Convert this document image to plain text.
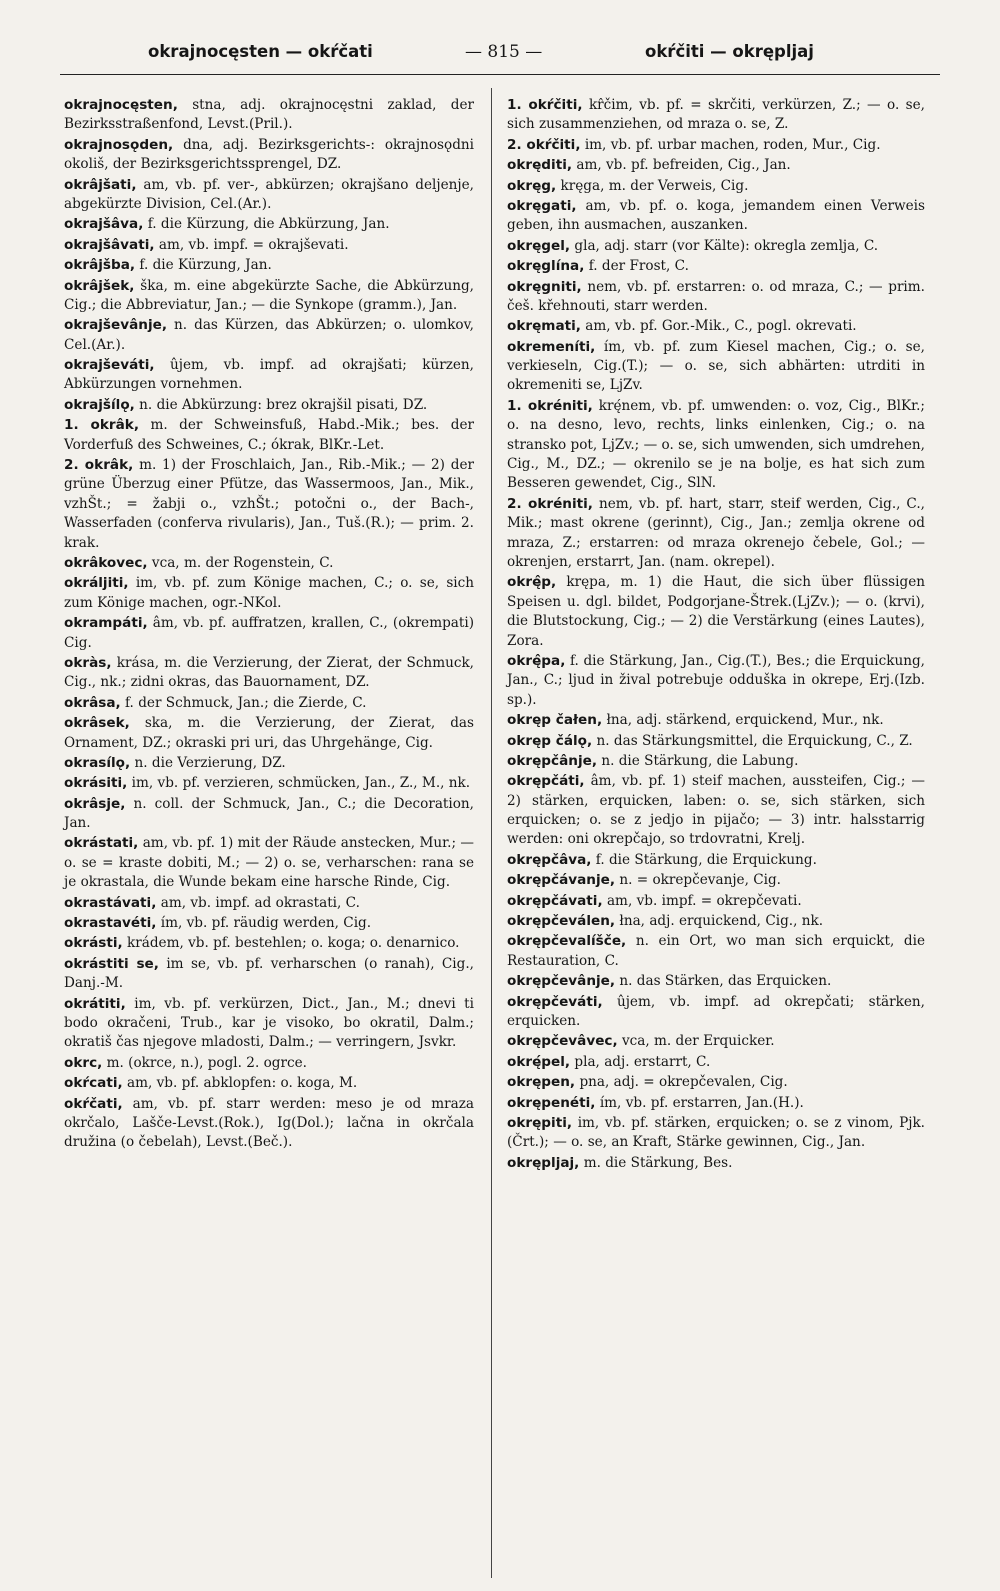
okrajnocęsten — okŕčati	— 815 —	okŕčiti — okręplјaj
okrajnocęsten, stna, adj. okrajnocęstni zaklad, der Bezirksstraßenfond, Levst.(Pril.).
okrajnosǫden, dna, adj. Bezirksgerichts-: okrajnosǫdni okoliš, der Bezirksgerichtssprengel, DZ.
okrâjšati, am, vb. pf. ver-, abkürzen; okrajšano deljenje, abgekürzte Division, Cel.(Ar.).
okrajšâva, f. die Kürzung, die Abkürzung, Jan.
okrajšâvati, am, vb. impf. = okrajševati.
okrâjšba, f. die Kürzung, Jan.
okrâjšek, ška, m. eine abgekürzte Sache, die Abkürzung, Cig.; die Abbreviatur, Jan.; — die Synkope (gramm.), Jan.
okrajševânje, n. das Kürzen, das Abkürzen; o. ulomkov, Cel.(Ar.).
okrajševáti, ûjem, vb. impf. ad okrajšati; kürzen, Abkürzungen vornehmen.
okrajšílǫ, n. die Abkürzung: brez okrajšil pisati, DZ.
1. okrâk, m. der Schweinsfuß, Habd.-Mik.; bes. der Vorderfuß des Schweines, C.; ókrak, BlKr.-Let.
2. okrâk, m. 1) der Froschlaich, Jan., Rib.-Mik.; — 2) der grüne Überzug einer Pfütze, das Wassermoos, Jan., Mik., vzhŠt.; = žabji o., vzhŠt.; potočni o., der Bach-, Wasserfaden (conferva rivularis), Jan., Tuš.(R.); — prim. 2. krak.
okrâkovec, vca, m. der Rogenstein, C.
okrálјiti, im, vb. pf. zum Könige machen, C.; o. se, sich zum Könige machen, ogr.-NKol.
okrampáti, âm, vb. pf. auffratzen, krallen, C., (okrempati) Cig.
okràs, krása, m. die Verzierung, der Zierat, der Schmuck, Cig., nk.; zidni okras, das Bauornament, DZ.
okrâsa, f. der Schmuck, Jan.; die Zierde, C.
okrâsek, ska, m. die Verzierung, der Zierat, das Ornament, DZ.; okraski pri uri, das Uhrgehänge, Cig.
okrasílǫ, n. die Verzierung, DZ.
okrásiti, im, vb. pf. verzieren, schmücken, Jan., Z., M., nk.
okrâsje, n. coll. der Schmuck, Jan., C.; die Decoration, Jan.
okrástati, am, vb. pf. 1) mit der Räude anstecken, Mur.; — o. se = kraste dobiti, M.; — 2) o. se, verharschen: rana se je okrastala, die Wunde bekam eine harsche Rinde, Cig.
okrastávati, am, vb. impf. ad okrastati, C.
okrastavéti, ím, vb. pf. räudig werden, Cig.
okrásti, krádem, vb. pf. bestehlen; o. koga; o. denarnico.
okrástiti se, im se, vb. pf. verharschen (o ranah), Cig., Danj.-M.
okrátiti, im, vb. pf. verkürzen, Dict., Jan., M.; dnevi ti bodo okračeni, Trub., kar je visoko, bo okratil, Dalm.; okratiš čas njegove mladosti, Dalm.; — verringern, Jsvkr.
okrc, m. (okrce, n.), pogl. 2. ogrce.
okŕcati, am, vb. pf. abklopfen: o. koga, M.
okŕčati, am, vb. pf. starr werden: meso je od mraza okrčalo, Lašče-Levst.(Rok.), Ig(Dol.); lačna in okrčala družina (o čebelah), Levst.(Beč.).
1. okŕčiti, kr̂čim, vb. pf. = skrčiti, verkürzen, Z.; — o. se, sich zusammenziehen, od mraza o. se, Z.
2. okŕčiti, im, vb. pf. urbar machen, roden, Mur., Cig.
okręditi, am, vb. pf. befreiden, Cig., Jan.
okręg, kręga, m. der Verweis, Cig.
okręgati, am, vb. pf. o. koga, jemandem einen Verweis geben, ihn ausmachen, auszanken.
okręgel, gla, adj. starr (vor Kälte): okregla zemlja, C.
okręglína, f. der Frost, C.
okręgniti, nem, vb. pf. erstarren: o. od mraza, C.; — prim. češ. křehnouti, starr werden.
okręmati, am, vb. pf. Gor.-Mik., C., pogl. okrevati.
okremeníti, ím, vb. pf. zum Kiesel machen, Cig.; o. se, verkieseln, Cig.(T.); — o. se, sich abhärten: utrditi in okremeniti se, LjZv.
1. okréniti, krę́nem, vb. pf. umwenden: o. voz, Cig., BlKr.; o. na desno, levo, rechts, links einlenken, Cig.; o. na stransko pot, LjZv.; — o. se, sich umwenden, sich umdrehen, Cig., M., DZ.; — okrenilo se je na bolje, es hat sich zum Besseren gewendet, Cig., SlN.
2. okréniti, nem, vb. pf. hart, starr, steif werden, Cig., C., Mik.; mast okrene (gerinnt), Cig., Jan.; zemlja okrene od mraza, Z.; erstarren: od mraza okrenejo čebele, Gol.; — okrenjen, erstarrt, Jan. (nam. okrepel).
okrę̂p, krępa, m. 1) die Haut, die sich über flüssigen Speisen u. dgl. bildet, Podgorjane-Štrek.(LjZv.); — o. (krvi), die Blutstockung, Cig.; — 2) die Verstärkung (eines Lautes), Zora.
okrę̂pa, f. die Stärkung, Jan., Cig.(T.), Bes.; die Erquickung, Jan., C.; ljud in žival potrebuje odduška in okrepe, Erj.(Izb. sp.).
okręp čałen, łna, adj. stärkend, erquickend, Mur., nk.
okręp čálǫ, n. das Stärkungsmittel, die Erquickung, C., Z.
okrępčânje, n. die Stärkung, die Labung.
okrępčáti, âm, vb. pf. 1) steif machen, aussteifen, Cig.; — 2) stärken, erquicken, laben: o. se, sich stärken, sich erquicken; o. se z jedjo in pijačo; — 3) intr. halsstarrig werden: oni okrepčajo, so trdovratni, Krelj.
okrępčâva, f. die Stärkung, die Erquickung.
okrępčávanje, n. = okrepčevanje, Cig.
okrępčávati, am, vb. impf. = okrepčevati.
okrępčeválen, łna, adj. erquickend, Cig., nk.
okrępčevalíšče, n. ein Ort, wo man sich erquickt, die Restauration, C.
okrępčevânje, n. das Stärken, das Erquicken.
okrępčeváti, ûjem, vb. impf. ad okrepčati; stärken, erquicken.
okrępčevâvec, vca, m. der Erquicker.
okrę́pel, pla, adj. erstarrt, C.
okrępen, pna, adj. = okrepčevalen, Cig.
okrępenéti, ím, vb. pf. erstarren, Jan.(H.).
okrępiti, im, vb. pf. stärken, erquicken; o. se z vinom, Pjk.(Črt.); — o. se, an Kraft, Stärke gewinnen, Cig., Jan.
okrępljaj, m. die Stärkung, Bes.
